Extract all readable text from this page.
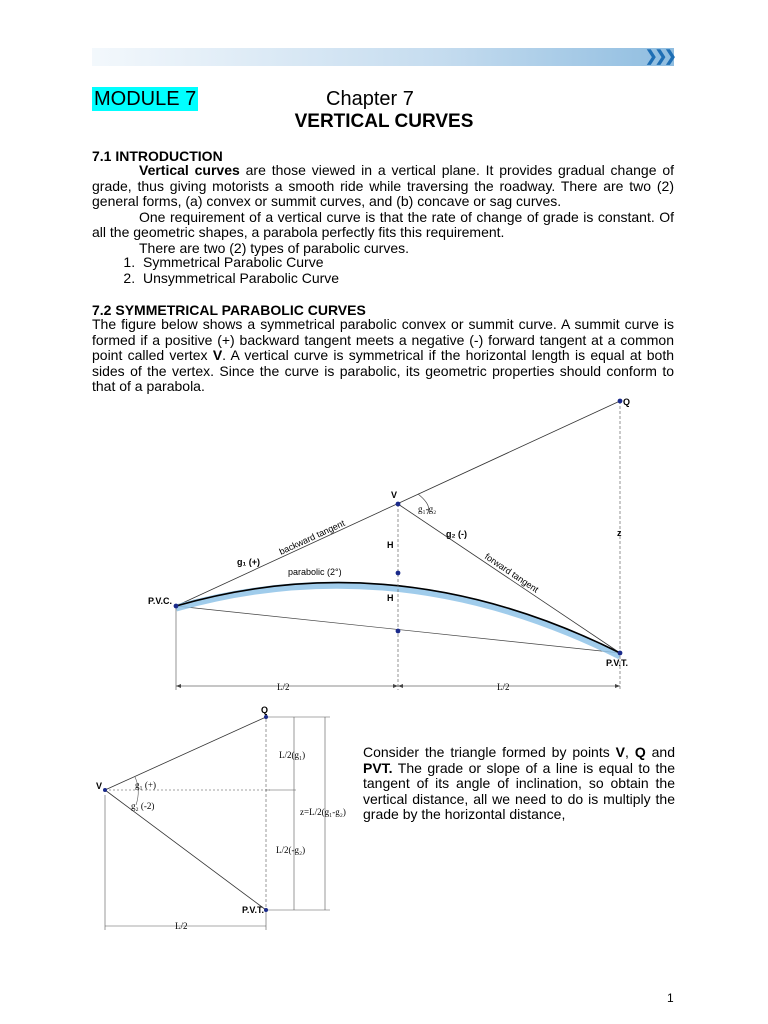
❯❯❯
MODULE 7	Chapter 7
VERTICAL CURVES
7.1 INTRODUCTION

Vertical curves are those viewed in a vertical plane. It provides gradual change of grade, thus giving motorists a smooth ride while traversing the roadway. There are two (2) general forms, (a) convex or summit curves, and (b) concave or sag curves.
One requirement of a vertical curve is that the rate of change of grade is constant. Of all the geometric shapes, a parabola perfectly fits this requirement.
There are two (2) types of parabolic curves.

1. Symmetrical Parabolic Curve
2. Unsymmetrical Parabolic Curve
7.2 SYMMETRICAL PARABOLIC CURVES

The figure below shows a symmetrical parabolic convex or summit curve. A summit curve is formed if a positive (+) backward tangent meets a negative (-) forward tangent at a common point called vertex V. A vertical curve is symmetrical if the horizontal length is equal at both sides of the vertex. Since the curve is parabolic, its geometric properties should conform to that of a parabola.

Q
V
g₁-g₂
g₂ (-)	z
H
H
g₁ (+)
parabolic (2°)
P.V.C.
P.V.T.
backward tangent
forward tangent
L/2	L/2
Q
V	g₁ (+)
g₂ (-2)
L/2(g₁)
z=L/2(g₁-g₂)
L/2(-g₂)
P.V.T.
L/2

Consider the triangle formed by points V, Q and PVT. The grade or slope of a line is equal to the tangent of its angle of inclination, so obtain the vertical distance, all we need to do is multiply the grade by the horizontal distance,

1
